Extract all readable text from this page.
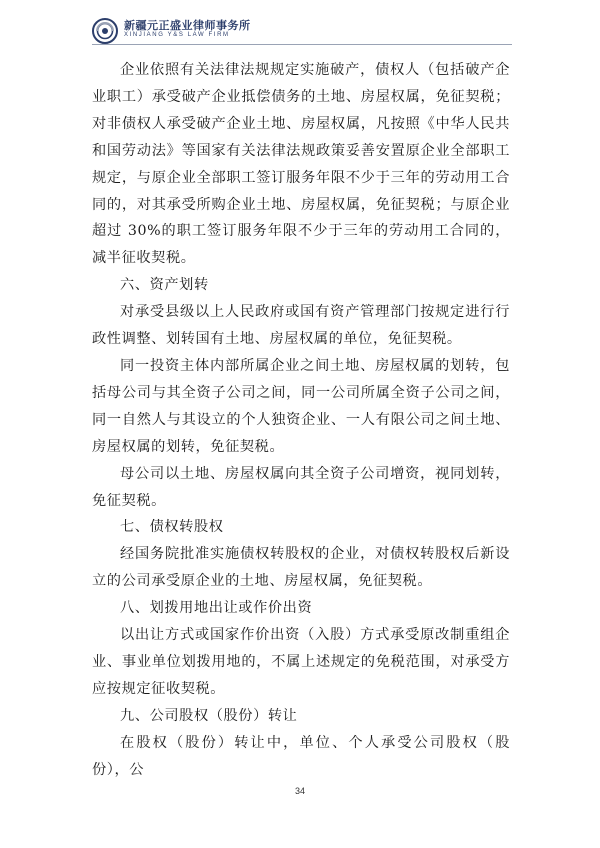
新疆元正盛业律师事务所
XINJIANG Y&S LAW FIRM

企业依照有关法律法规规定实施破产，债权人（包括破产企业职工）承受破产企业抵偿债务的土地、房屋权属，免征契税；对非债权人承受破产企业土地、房屋权属，凡按照《中华人民共和国劳动法》等国家有关法律法规政策妥善安置原企业全部职工规定，与原企业全部职工签订服务年限不少于三年的劳动用工合同的，对其承受所购企业土地、房屋权属，免征契税；与原企业超过 30%的职工签订服务年限不少于三年的劳动用工合同的，减半征收契税。

六、资产划转

对承受县级以上人民政府或国有资产管理部门按规定进行行政性调整、划转国有土地、房屋权属的单位，免征契税。

同一投资主体内部所属企业之间土地、房屋权属的划转，包括母公司与其全资子公司之间，同一公司所属全资子公司之间，同一自然人与其设立的个人独资企业、一人有限公司之间土地、房屋权属的划转，免征契税。

母公司以土地、房屋权属向其全资子公司增资，视同划转，免征契税。

七、债权转股权

经国务院批准实施债权转股权的企业，对债权转股权后新设立的公司承受原企业的土地、房屋权属，免征契税。

八、划拨用地出让或作价出资

以出让方式或国家作价出资（入股）方式承受原改制重组企业、事业单位划拨用地的，不属上述规定的免税范围，对承受方应按规定征收契税。

九、公司股权（股份）转让

在股权（股份）转让中，单位、个人承受公司股权（股份），公

34
